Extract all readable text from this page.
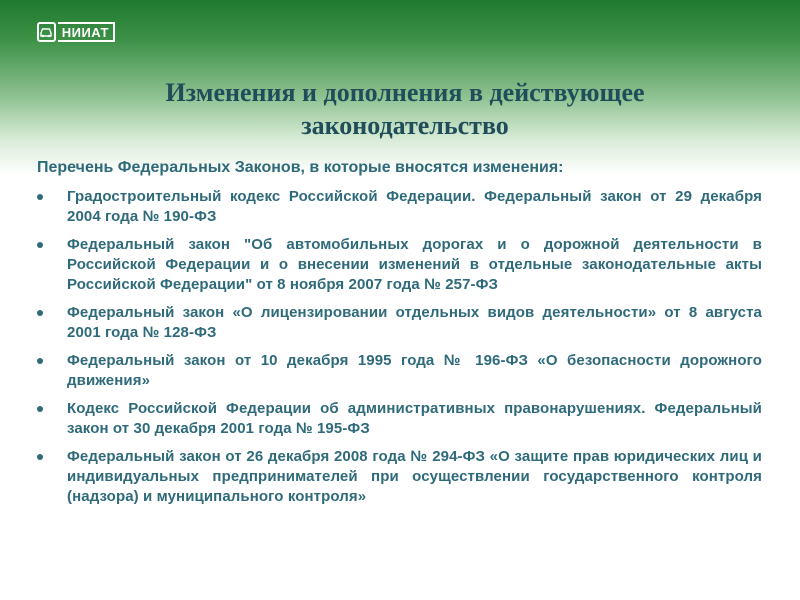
НИИАТ
Изменения и дополнения в действующее законодательство

Перечень Федеральных Законов, в которые вносятся изменения:

Градостроительный кодекс Российской Федерации. Федеральный закон от 29 декабря 2004 года № 190-ФЗ
Федеральный закон "Об автомобильных дорогах и о дорожной деятельности в Российской Федерации и о внесении изменений в отдельные законодательные акты Российской Федерации" от 8 ноября 2007 года № 257-ФЗ
Федеральный закон «О лицензировании отдельных видов деятельности» от 8 августа 2001 года № 128-ФЗ
Федеральный закон от 10 декабря 1995 года № 196-ФЗ «О безопасности дорожного движения»
Кодекс Российской Федерации об административных правонарушениях. Федеральный закон от 30 декабря 2001 года № 195-ФЗ
Федеральный закон от 26 декабря 2008 года № 294-ФЗ «О защите прав юридических лиц и индивидуальных предпринимателей при осуществлении государственного контроля (надзора) и муниципального контроля»
